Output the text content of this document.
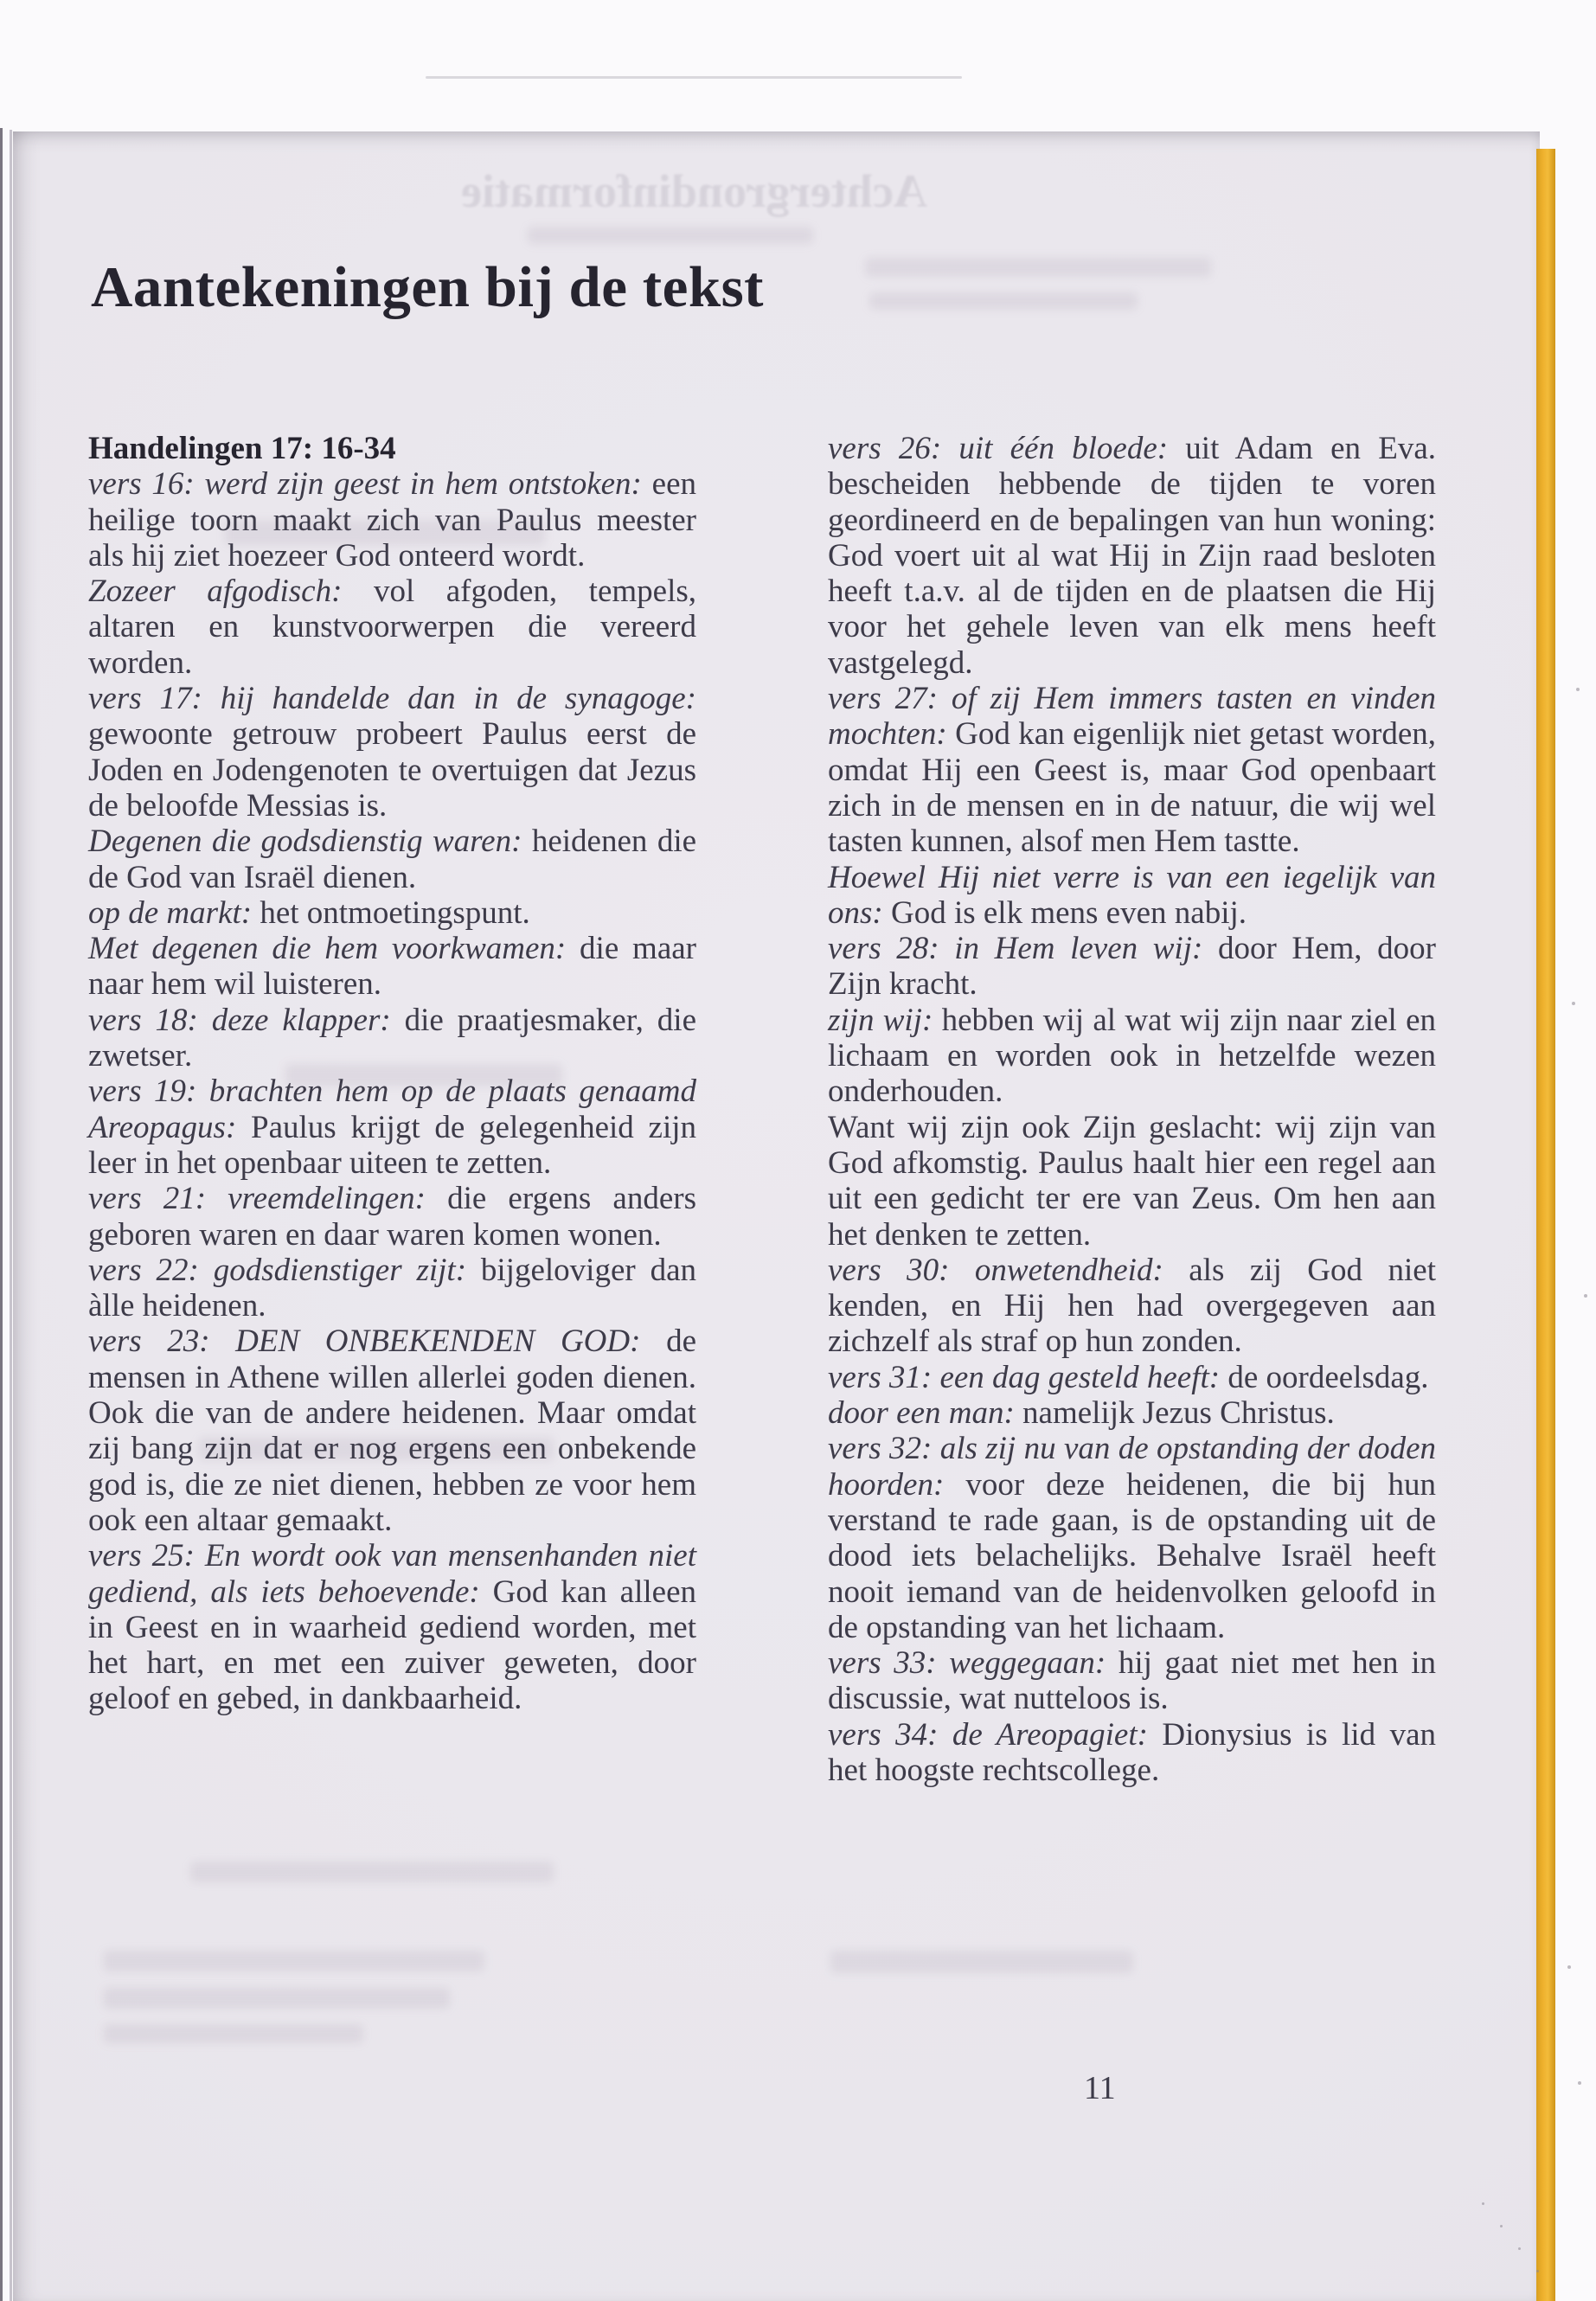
Achtergrondinformatie
Aantekeningen bij de tekst
Handelingen 17: 16-34

vers 16: werd zijn geest in hem ontstoken: een heilige toorn maakt zich van Paulus meester als hij ziet hoezeer God onteerd wordt.

Zozeer afgodisch: vol afgoden, tempels, altaren en kunstvoorwerpen die vereerd worden.

vers 17: hij handelde dan in de synagoge: gewoonte getrouw probeert Paulus eerst de Joden en Jodengenoten te overtuigen dat Jezus de beloofde Messias is.

Degenen die godsdienstig waren: heidenen die de God van Israël dienen.

op de markt: het ontmoetingspunt.

Met degenen die hem voorkwamen: die maar naar hem wil luisteren.

vers 18: deze klapper: die praatjesmaker, die zwetser.

vers 19: brachten hem op de plaats genaamd Areopagus: Paulus krijgt de gelegenheid zijn leer in het openbaar uiteen te zetten.

vers 21: vreemdelingen: die ergens anders geboren waren en daar waren komen wonen.

vers 22: godsdienstiger zijt: bijgeloviger dan àlle heidenen.

vers 23: DEN ONBEKENDEN GOD: de mensen in Athene willen allerlei goden dienen. Ook die van de andere heidenen. Maar omdat zij bang zijn dat er nog ergens een onbekende god is, die ze niet dienen, hebben ze voor hem ook een altaar gemaakt.

vers 25: En wordt ook van mensenhanden niet gediend, als iets behoevende: God kan alleen in Geest en in waarheid gediend worden, met het hart, en met een zuiver geweten, door geloof en gebed, in dankbaarheid.

vers 26: uit één bloede: uit Adam en Eva. bescheiden hebbende de tijden te voren geordineerd en de bepalingen van hun woning: God voert uit al wat Hij in Zijn raad besloten heeft t.a.v. al de tijden en de plaatsen die Hij voor het gehele leven van elk mens heeft vastgelegd.

vers 27: of zij Hem immers tasten en vinden mochten: God kan eigenlijk niet getast worden, omdat Hij een Geest is, maar God openbaart zich in de mensen en in de natuur, die wij wel tasten kunnen, alsof men Hem tastte.

Hoewel Hij niet verre is van een iegelijk van ons: God is elk mens even nabij.

vers 28: in Hem leven wij: door Hem, door Zijn kracht.

zijn wij: hebben wij al wat wij zijn naar ziel en lichaam en worden ook in hetzelfde wezen onderhouden.

Want wij zijn ook Zijn geslacht: wij zijn van God afkomstig. Paulus haalt hier een regel aan uit een gedicht ter ere van Zeus. Om hen aan het denken te zetten.

vers 30: onwetendheid: als zij God niet kenden, en Hij hen had overgegeven aan zichzelf als straf op hun zonden.

vers 31: een dag gesteld heeft: de oordeelsdag.

door een man: namelijk Jezus Christus.

vers 32: als zij nu van de opstanding der doden hoorden: voor deze heidenen, die bij hun verstand te rade gaan, is de opstanding uit de dood iets belachelijks. Behalve Israël heeft nooit iemand van de heidenvolken geloofd in de opstanding van het lichaam.

vers 33: weggegaan: hij gaat niet met hen in discussie, wat nutteloos is.

vers 34: de Areopagiet: Dionysius is lid van het hoogste rechtscollege.

11
